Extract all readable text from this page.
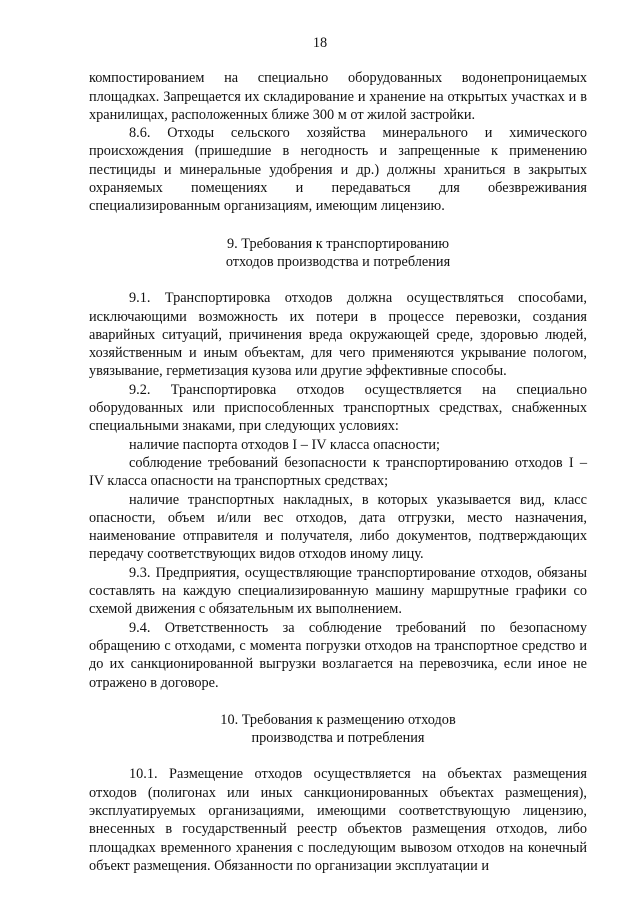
18

компостированием на специально оборудованных водонепроницаемых площадках. Запрещается их складирование и хранение на открытых участках и в хранилищах, расположенных ближе 300 м от жилой застройки.

8.6. Отходы сельского хозяйства минерального и химического происхождения (пришедшие в негодность и запрещенные к применению пестициды и минеральные удобрения и др.) должны храниться в закрытых охраняемых помещениях и передаваться для обезвреживания специализированным организациям, имеющим лицензию.

9. Требования к транспортированию
отходов производства и потребления

9.1. Транспортировка отходов должна осуществляться способами, исключающими возможность их потери в процессе перевозки, создания аварийных ситуаций, причинения вреда окружающей среде, здоровью людей, хозяйственным и иным объектам, для чего применяются укрывание пологом, увязывание, герметизация кузова или другие эффективные способы.

9.2. Транспортировка отходов осуществляется на специально оборудованных или приспособленных транспортных средствах, снабженных специальными знаками, при следующих условиях:

наличие паспорта отходов I – IV класса опасности;

соблюдение требований безопасности к транспортированию отходов I – IV класса опасности на транспортных средствах;

наличие транспортных накладных, в которых указывается вид, класс опасности, объем и/или вес отходов, дата отгрузки, место назначения, наименование отправителя и получателя, либо документов, подтверждающих передачу соответствующих видов отходов иному лицу.

9.3. Предприятия, осуществляющие транспортирование отходов, обязаны составлять на каждую специализированную машину маршрутные графики со схемой движения с обязательным их выполнением.

9.4. Ответственность за соблюдение требований по безопасному обращению с отходами, с момента погрузки отходов на транспортное средство и до их санкционированной выгрузки возлагается на перевозчика, если иное не отражено в договоре.

10. Требования к размещению отходов
производства и потребления

10.1. Размещение отходов осуществляется на объектах размещения отходов (полигонах или иных санкционированных объектах размещения), эксплуатируемых организациями, имеющими соответствующую лицензию, внесенных в государственный реестр объектов размещения отходов, либо площадках временного хранения с последующим вывозом отходов на конечный объект размещения. Обязанности по организации эксплуатации и
